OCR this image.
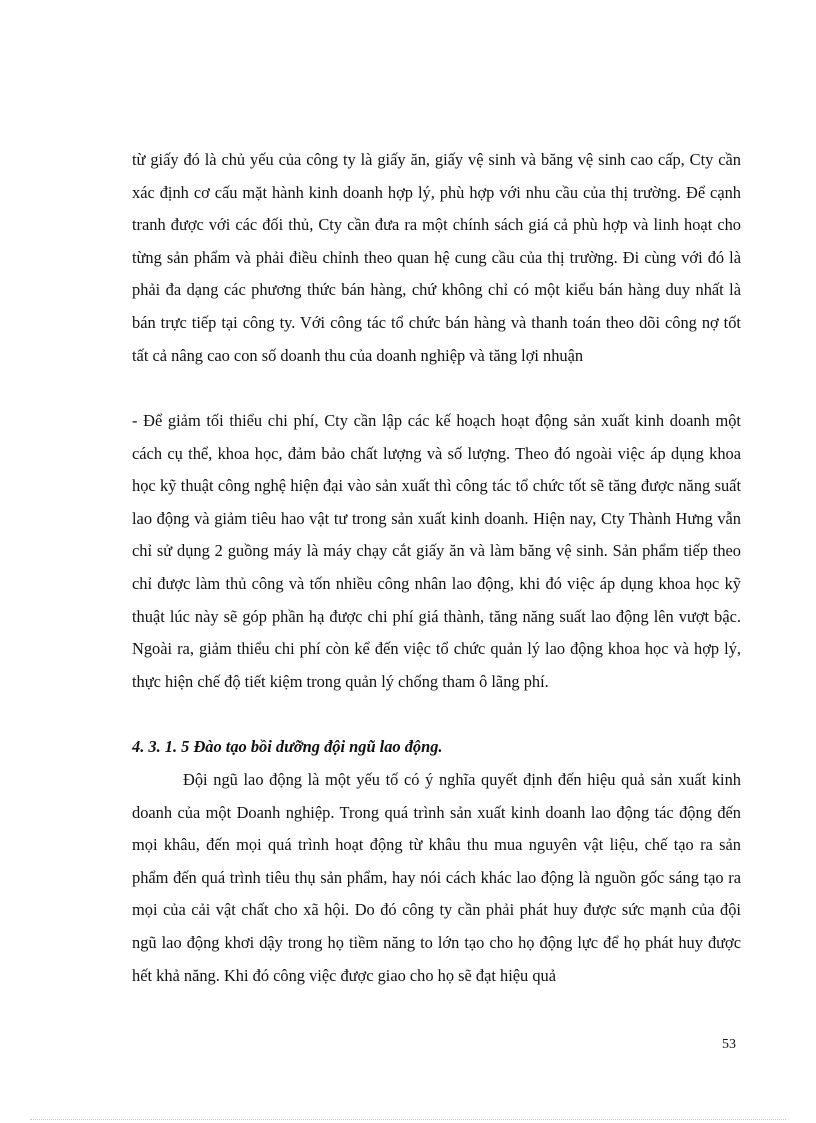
từ giấy đó là chủ yếu của công ty là giấy ăn, giấy vệ sinh và băng vệ sinh cao cấp, Cty cần xác định cơ cấu mặt hành kinh doanh hợp lý, phù hợp với nhu cầu của thị trường. Để cạnh tranh được với các đối thủ, Cty cần đưa ra một chính sách giá cả phù hợp và linh hoạt cho từng sản phẩm và phải điều chỉnh theo quan hệ cung cầu của thị trường. Đi cùng với đó là phải đa dạng các phương thức bán hàng, chứ không chỉ có một kiểu bán hàng duy nhất là bán trực tiếp tại công ty. Với công tác tổ chức bán hàng và thanh toán theo dõi công nợ tốt tất cả nâng cao con số doanh thu của doanh nghiệp và tăng lợi nhuận

- Để giảm tối thiểu chi phí, Cty cần lập các kế hoạch hoạt động sản xuất kinh doanh một cách cụ thể, khoa học, đảm bảo chất lượng và số lượng. Theo đó ngoài việc áp dụng khoa học kỹ thuật công nghệ hiện đại vào sản xuất thì công tác tổ chức tốt sẽ tăng được năng suất lao động và giảm tiêu hao vật tư trong sản xuất kinh doanh. Hiện nay, Cty Thành Hưng vẫn chỉ sử dụng 2 guồng máy là máy chạy cắt giấy ăn và làm băng vệ sinh. Sản phẩm tiếp theo chỉ được làm thủ công và tốn nhiều công nhân lao động, khi đó việc áp dụng khoa học kỹ thuật lúc này sẽ góp phần hạ được chi phí giá thành, tăng năng suất lao động lên vượt bậc. Ngoài ra, giảm thiểu chi phí còn kể đến việc tổ chức quản lý lao động khoa học và hợp lý, thực hiện chế độ tiết kiệm trong quản lý chống tham ô lãng phí.

4. 3. 1. 5 Đào tạo bồi dưỡng đội ngũ lao động.

Đội ngũ lao động là một yếu tố có ý nghĩa quyết định đến hiệu quả sản xuất kinh doanh của một Doanh nghiệp. Trong quá trình sản xuất kinh doanh lao động tác động đến mọi khâu, đến mọi quá trình hoạt động từ khâu thu mua nguyên vật liệu, chế tạo ra sản phẩm đến quá trình tiêu thụ sản phẩm, hay nói cách khác lao động là nguồn gốc sáng tạo ra mọi của cải vật chất cho xã hội. Do đó công ty cần phải phát huy được sức mạnh của đội ngũ lao động khơi dậy trong họ tiềm năng to lớn tạo cho họ động lực để họ phát huy được hết khả năng. Khi đó công việc được giao cho họ sẽ đạt hiệu quả

53
